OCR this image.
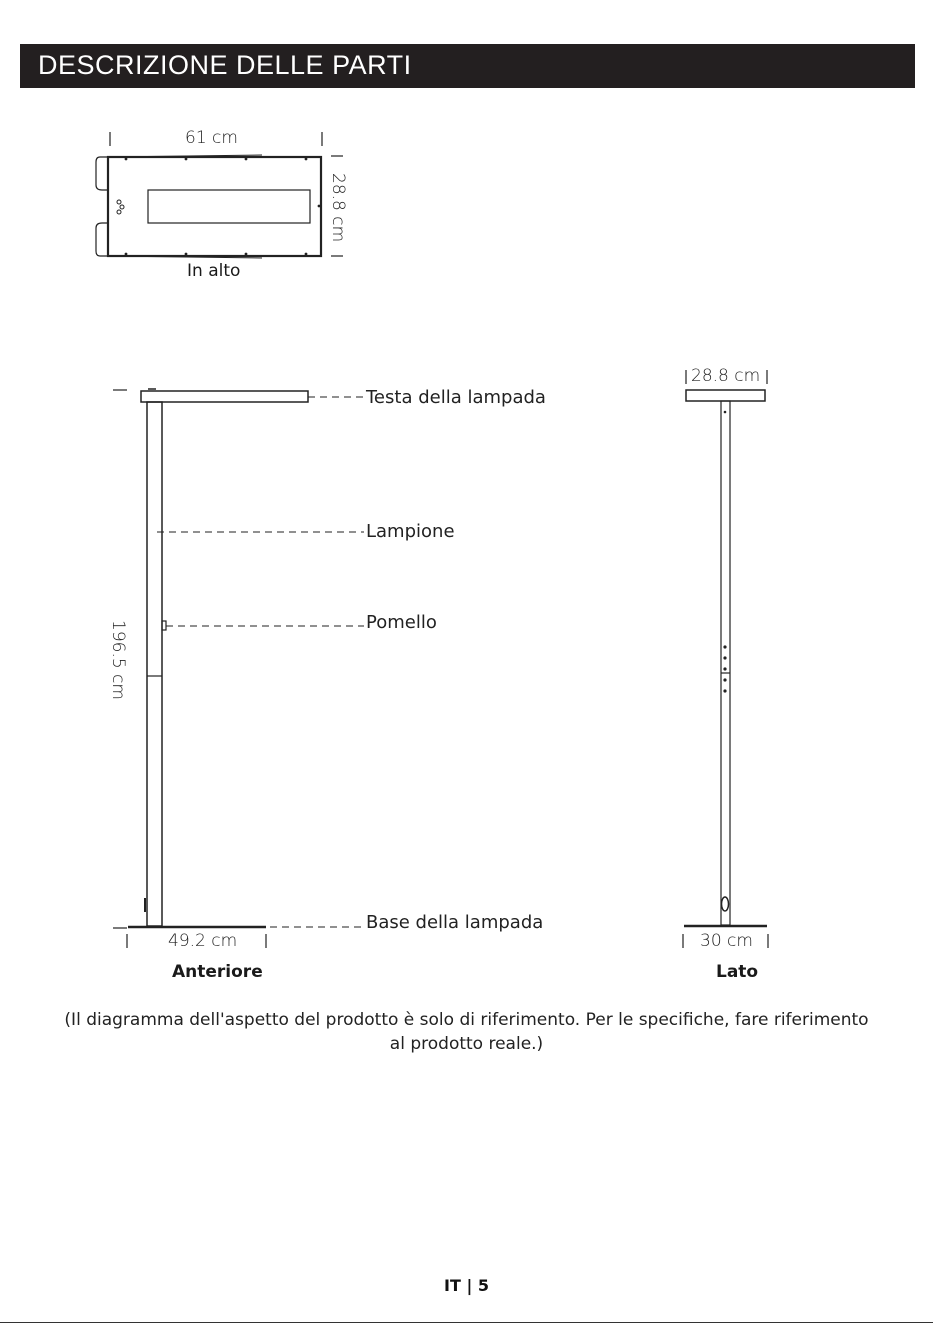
DESCRIZIONE DELLE PARTI
61 cm
28.8 cm
In alto
196.5 cm
49.2 cm
Anteriore
Testa della lampada
Lampione
Pomello
Base della lampada
28.8 cm
30 cm
Lato
(Il diagramma dell'aspetto del prodotto è solo di riferimento. Per le specifiche, fare riferimento al prodotto reale.)
IT | 5
